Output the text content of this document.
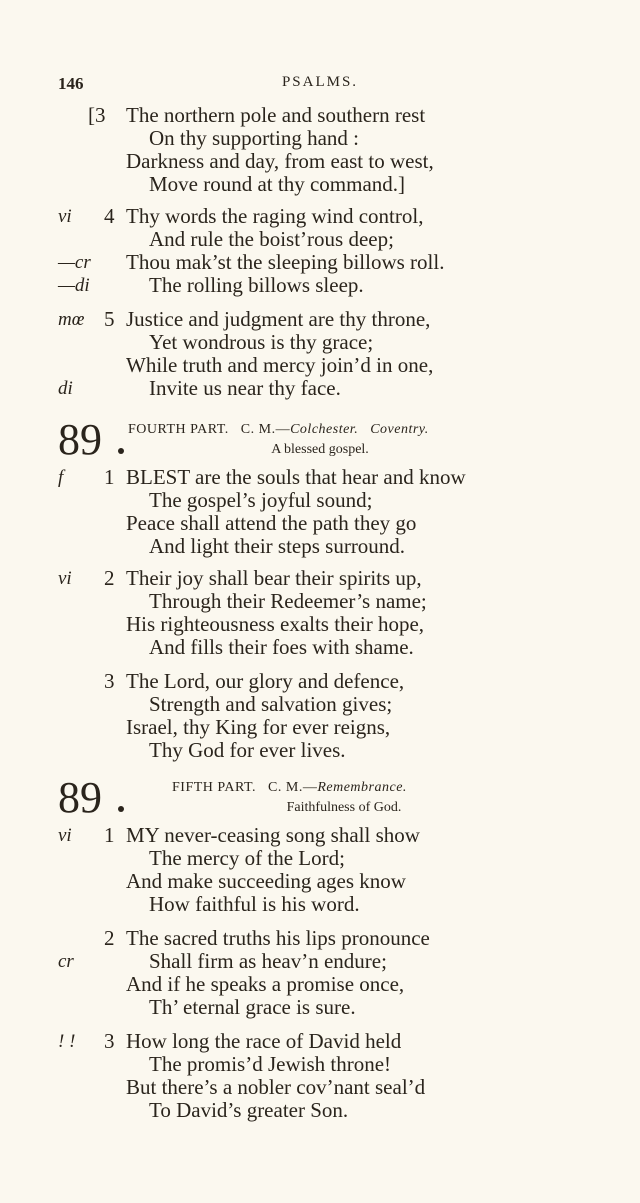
146	PSALMS.
[3 The northern pole and southern rest
On thy supporting hand :
Darkness and day, from east to west,
Move round at thy command.]
vi 4 Thy words the raging wind control,
And rule the boist’rous deep;
—cr Thou mak’st the sleeping billows roll.
—di	The rolling billows sleep.
mœ 5 Justice and judgment are thy throne,
Yet wondrous is thy grace;
While truth and mercy join’d in one,
di	Invite us near thy face.
89 FOURTH PART. C. M.—Colchester. Coventry.
A blessed gospel.
f 1 BLEST are the souls that hear and know
The gospel’s joyful sound;
Peace shall attend the path they go
And light their steps surround.
vi 2 Their joy shall bear their spirits up,
Through their Redeemer’s name;
His righteousness exalts their hope,
And fills their foes with shame.
3 The Lord, our glory and defence,
Strength and salvation gives;
Israel, thy King for ever reigns,
Thy God for ever lives.
89	FIFTH PART. C. M.—Remembrance.
Faithfulness of God.
vi 1 MY never-ceasing song shall show
The mercy of the Lord;
And make succeeding ages know
How faithful is his word.
2 The sacred truths his lips pronounce
cr	Shall firm as heav’n endure;
And if he speaks a promise once,
Th’ eternal grace is sure.
! ! 3 How long the race of David held
The promis’d Jewish throne!
But there’s a nobler cov’nant seal’d
To David’s greater Son.
